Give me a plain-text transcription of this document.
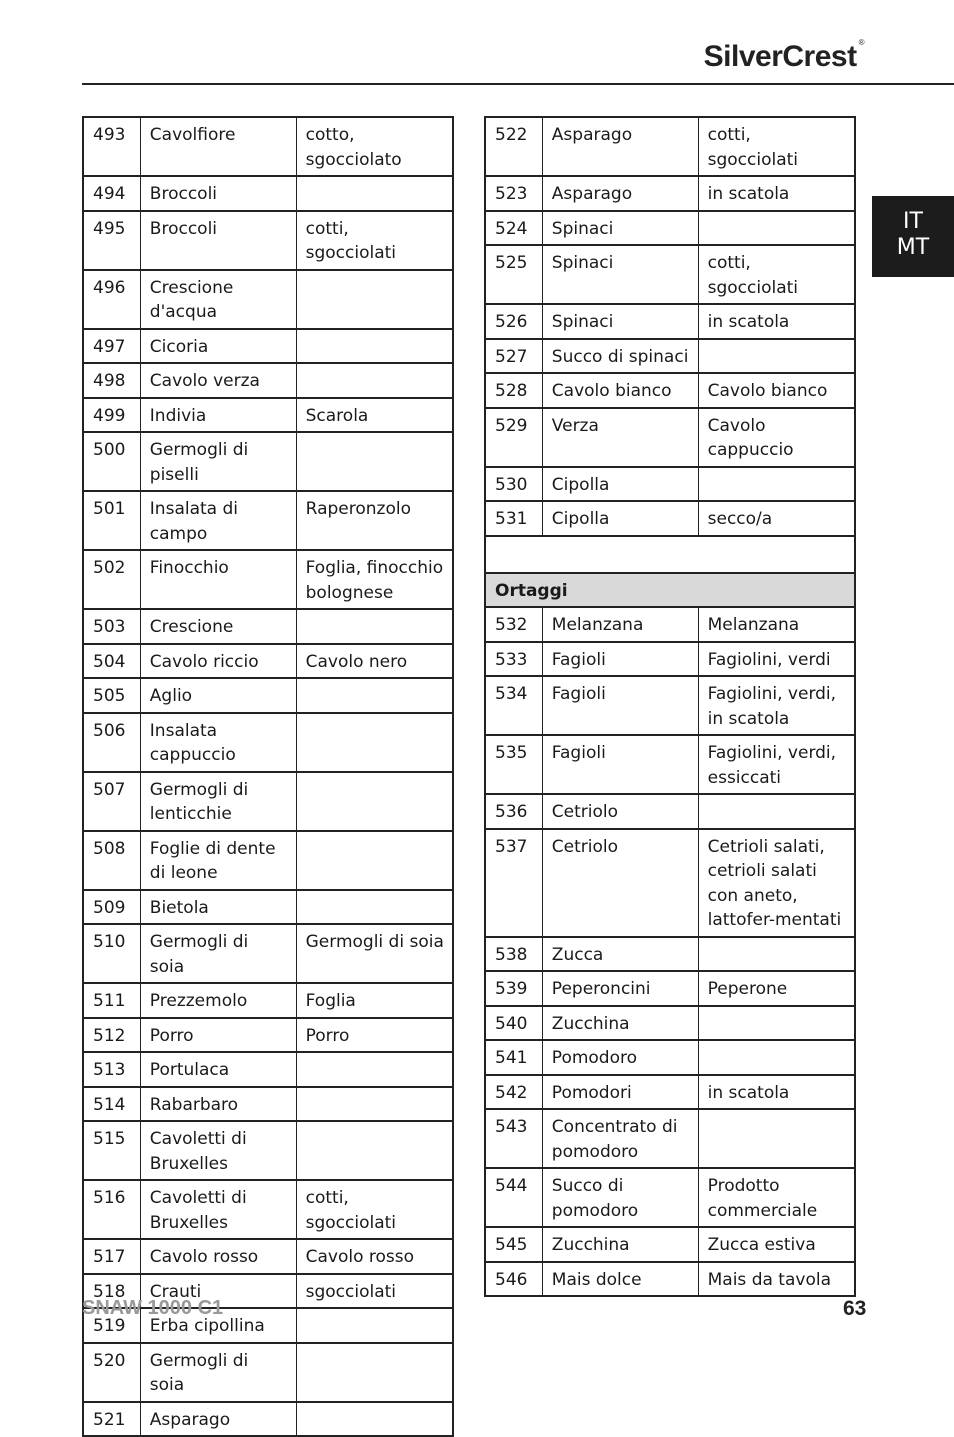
SilverCrest ®
IT
MT
493	Cavolfiore	cotto, sgocciolato
494	Broccoli	
495	Broccoli	cotti, sgocciolati
496	Crescione d'acqua	
497	Cicoria	
498	Cavolo verza	
499	Indivia	Scarola
500	Germogli di piselli	
501	Insalata di campo	Raperonzolo
502	Finocchio	Foglia, finocchio bolognese
503	Crescione	
504	Cavolo riccio	Cavolo nero
505	Aglio	
506	Insalata cappuccio	
507	Germogli di lenticchie	
508	Foglie di dente di leone	
509	Bietola	
510	Germogli di soia	Germogli di soia
511	Prezzemolo	Foglia
512	Porro	Porro
513	Portulaca	
514	Rabarbaro	
515	Cavoletti di Bruxelles	
516	Cavoletti di Bruxelles	cotti, sgocciolati
517	Cavolo rosso	Cavolo rosso
518	Crauti	sgocciolati
519	Erba cipollina	
520	Germogli di soia	
521	Asparago	
522	Asparago	cotti, sgocciolati
523	Asparago	in scatola
524	Spinaci	
525	Spinaci	cotti, sgocciolati
526	Spinaci	in scatola
527	Succo di spinaci	
528	Cavolo bianco	Cavolo bianco
529	Verza	Cavolo cappuccio
530	Cipolla	
531	Cipolla	secco/a

Ortaggi		
532	Melanzana	Melanzana
533	Fagioli	Fagiolini, verdi
534	Fagioli	Fagiolini, verdi, in scatola
535	Fagioli	Fagiolini, verdi, essiccati
536	Cetriolo	
537	Cetriolo	Cetrioli salati, cetrioli salati con aneto, lattofer-mentati
538	Zucca	
539	Peperoncini	Peperone
540	Zucchina	
541	Pomodoro	
542	Pomodori	in scatola
543	Concentrato di pomodoro	
544	Succo di pomodoro	Prodotto commerciale
545	Zucchina	Zucca estiva
546	Mais dolce	Mais da tavola
SNAW 1000 C1	63
